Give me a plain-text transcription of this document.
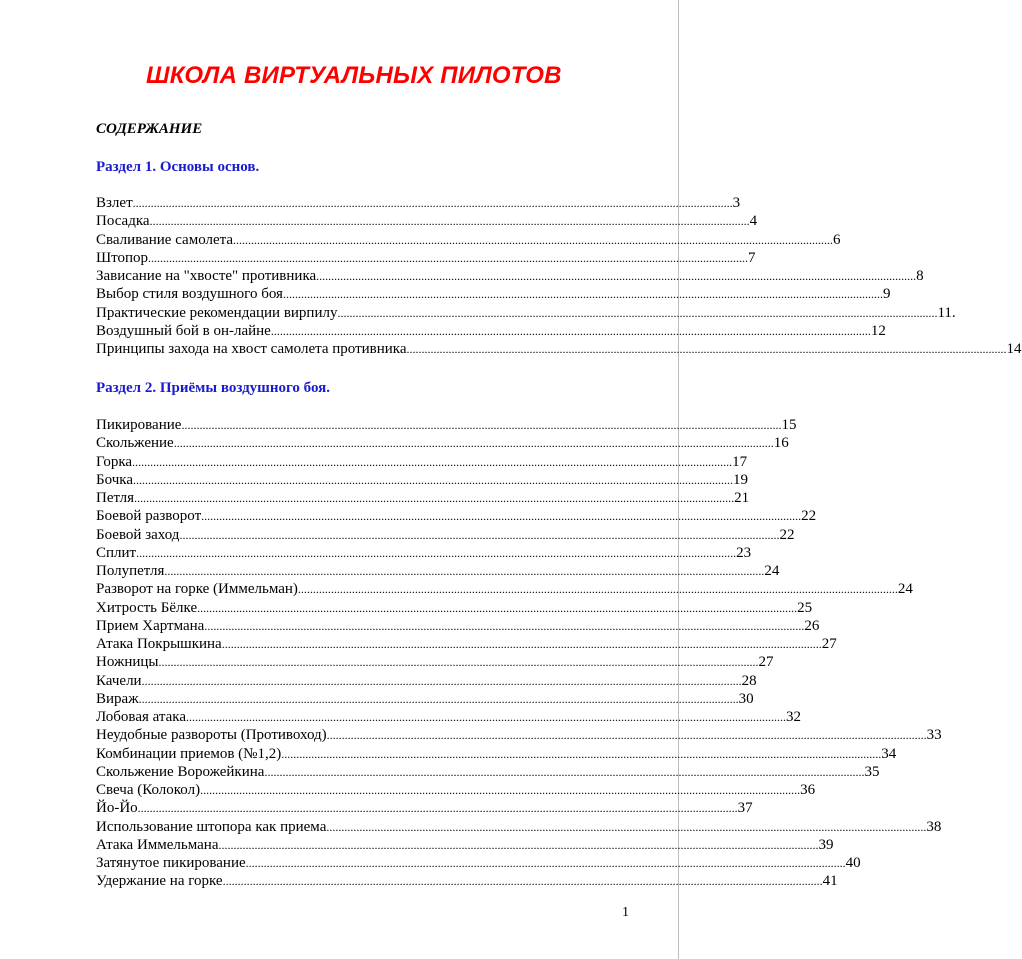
ШКОЛА ВИРТУАЛЬНЫХ ПИЛОТОВ
СОДЕРЖАНИЕ
Раздел 1. Основы основ.
Взлет ........................................................................................................................................................................................................ 3
Посадка ........................................................................................................................................................................................................ 4
Сваливание самолета ........................................................................................................................................................................................................ 6
Штопор ........................................................................................................................................................................................................ 7
Зависание на "хвосте" противника ........................................................................................................................................................................................................ 8
Выбор стиля воздушного боя ........................................................................................................................................................................................................ 9
Практические рекомендации вирпилу ........................................................................................................................................................................................................ 11.
Воздушный бой в он-лайне ........................................................................................................................................................................................................ 12
Принципы захода на хвост самолета противника ........................................................................................................................................................................................................ 14
Раздел 2. Приёмы воздушного боя.
Пикирование ........................................................................................................................................................................................................ 15
Скольжение ........................................................................................................................................................................................................ 16
Горка ........................................................................................................................................................................................................ 17
Бочка ........................................................................................................................................................................................................ 19
Петля ........................................................................................................................................................................................................ 21
Боевой разворот ........................................................................................................................................................................................................ 22
Боевой заход ........................................................................................................................................................................................................ 22
Сплит ........................................................................................................................................................................................................ 23
Полупетля ........................................................................................................................................................................................................ 24
Разворот на горке (Иммельман) ........................................................................................................................................................................................................ 24
Хитрость Бёлке ........................................................................................................................................................................................................ 25
Прием Хартмана ........................................................................................................................................................................................................ 26
Атака Покрышкина ........................................................................................................................................................................................................ 27
Ножницы ........................................................................................................................................................................................................ 27
Качели ........................................................................................................................................................................................................ 28
Вираж ........................................................................................................................................................................................................ 30
Лобовая атака ........................................................................................................................................................................................................ 32
Неудобные развороты (Противоход) ........................................................................................................................................................................................................ 33
Комбинации приемов (№1,2) ........................................................................................................................................................................................................ 34
Скольжение Ворожейкина ........................................................................................................................................................................................................ 35
Свеча (Колокол) ........................................................................................................................................................................................................ 36
Йо-Йо ........................................................................................................................................................................................................ 37
Использование штопора как приема ........................................................................................................................................................................................................ 38
Атака Иммельмана ........................................................................................................................................................................................................ 39
Затянутое пикирование ........................................................................................................................................................................................................ 40
Удержание на горке ........................................................................................................................................................................................................ 41
1
